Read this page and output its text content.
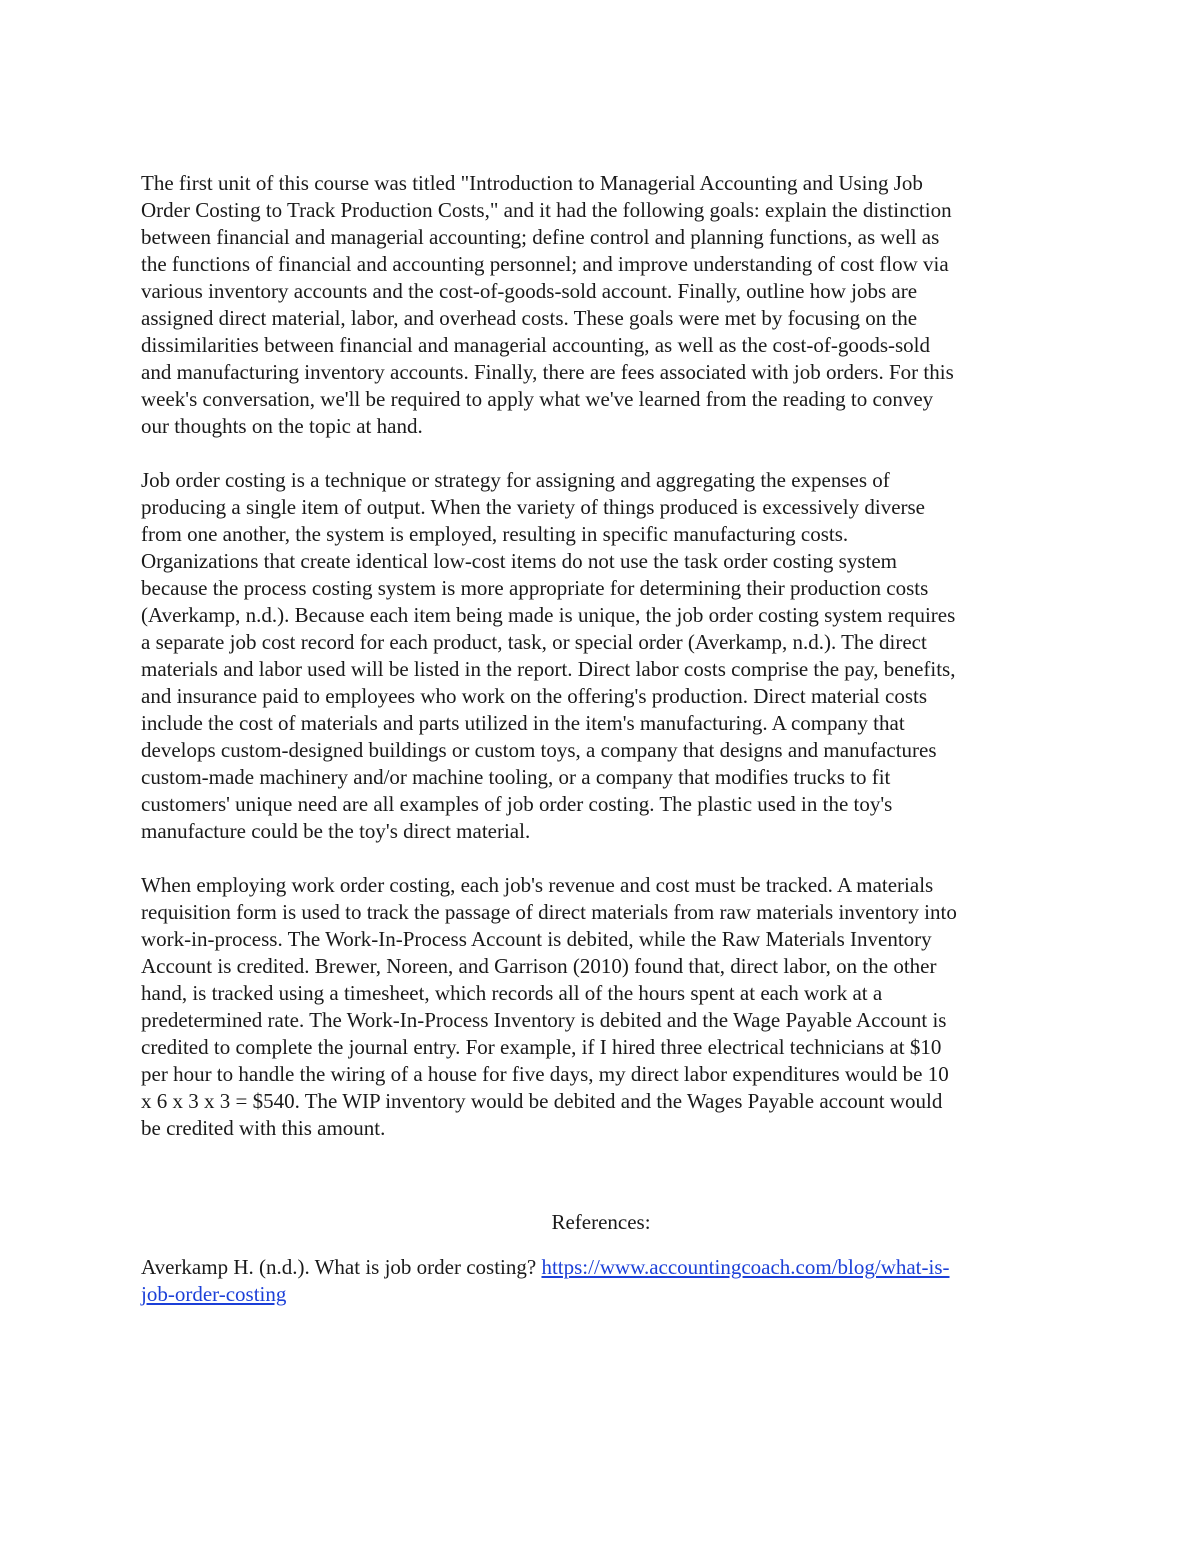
The first unit of this course was titled "Introduction to Managerial Accounting and Using Job
Order Costing to Track Production Costs," and it had the following goals: explain the distinction
between financial and managerial accounting; define control and planning functions, as well as
the functions of financial and accounting personnel; and improve understanding of cost flow via
various inventory accounts and the cost-of-goods-sold account. Finally, outline how jobs are
assigned direct material, labor, and overhead costs. These goals were met by focusing on the
dissimilarities between financial and managerial accounting, as well as the cost-of-goods-sold
and manufacturing inventory accounts. Finally, there are fees associated with job orders. For this
week's conversation, we'll be required to apply what we've learned from the reading to convey
our thoughts on the topic at hand.
Job order costing is a technique or strategy for assigning and aggregating the expenses of
producing a single item of output. When the variety of things produced is excessively diverse
from one another, the system is employed, resulting in specific manufacturing costs.
Organizations that create identical low-cost items do not use the task order costing system
because the process costing system is more appropriate for determining their production costs
(Averkamp, n.d.). Because each item being made is unique, the job order costing system requires
a separate job cost record for each product, task, or special order (Averkamp, n.d.). The direct
materials and labor used will be listed in the report. Direct labor costs comprise the pay, benefits,
and insurance paid to employees who work on the offering's production. Direct material costs
include the cost of materials and parts utilized in the item's manufacturing. A company that
develops custom-designed buildings or custom toys, a company that designs and manufactures
custom-made machinery and/or machine tooling, or a company that modifies trucks to fit
customers' unique need are all examples of job order costing. The plastic used in the toy's
manufacture could be the toy's direct material.
When employing work order costing, each job's revenue and cost must be tracked. A materials
requisition form is used to track the passage of direct materials from raw materials inventory into
work-in-process. The Work-In-Process Account is debited, while the Raw Materials Inventory
Account is credited. Brewer, Noreen, and Garrison (2010) found that, direct labor, on the other
hand, is tracked using a timesheet, which records all of the hours spent at each work at a
predetermined rate. The Work-In-Process Inventory is debited and the Wage Payable Account is
credited to complete the journal entry. For example, if I hired three electrical technicians at $10
per hour to handle the wiring of a house for five days, my direct labor expenditures would be 10
x 6 x 3 x 3 = $540. The WIP inventory would be debited and the Wages Payable account would
be credited with this amount.
References:
Averkamp H. (n.d.). What is job order costing? https://www.accountingcoach.com/blog/what-is-
job-order-costing
